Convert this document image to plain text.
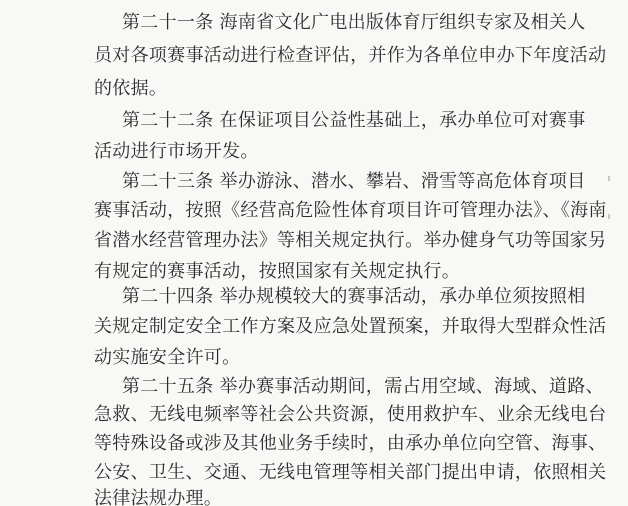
第二十一条 海南省文化广电出版体育厅组织专家及相关人
员对各项赛事活动进行检查评估，并作为各单位申办下年度活动
的依据。
第二十二条 在保证项目公益性基础上，承办单位可对赛事
活动进行市场开发。
第二十三条 举办游泳、潜水、攀岩、滑雪等高危体育项目
赛事活动，按照《经营高危险性体育项目许可管理办法》、《海南
省潜水经营管理办法》等相关规定执行。举办健身气功等国家另
有规定的赛事活动，按照国家有关规定执行。
第二十四条 举办规模较大的赛事活动，承办单位须按照相
关规定制定安全工作方案及应急处置预案，并取得大型群众性活
动实施安全许可。
第二十五条 举办赛事活动期间，需占用空域、海域、道路、
急救、无线电频率等社会公共资源，使用救护车、业余无线电台
等特殊设备或涉及其他业务手续时，由承办单位向空管、海事、
公安、卫生、交通、无线电管理等相关部门提出申请，依照相关
法律法规办理。
